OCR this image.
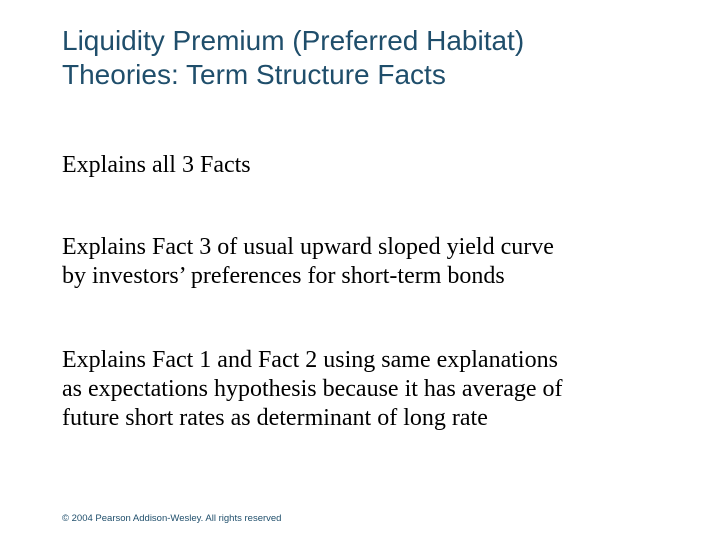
Liquidity Premium (Preferred Habitat)
Theories: Term Structure Facts

Explains all 3 Facts

Explains Fact 3 of usual upward sloped yield curve
by investors’ preferences for short-term bonds

Explains Fact 1 and Fact 2 using same explanations
as expectations hypothesis because it has average of
future short rates as determinant of long rate

© 2004 Pearson Addison-Wesley. All rights reserved
